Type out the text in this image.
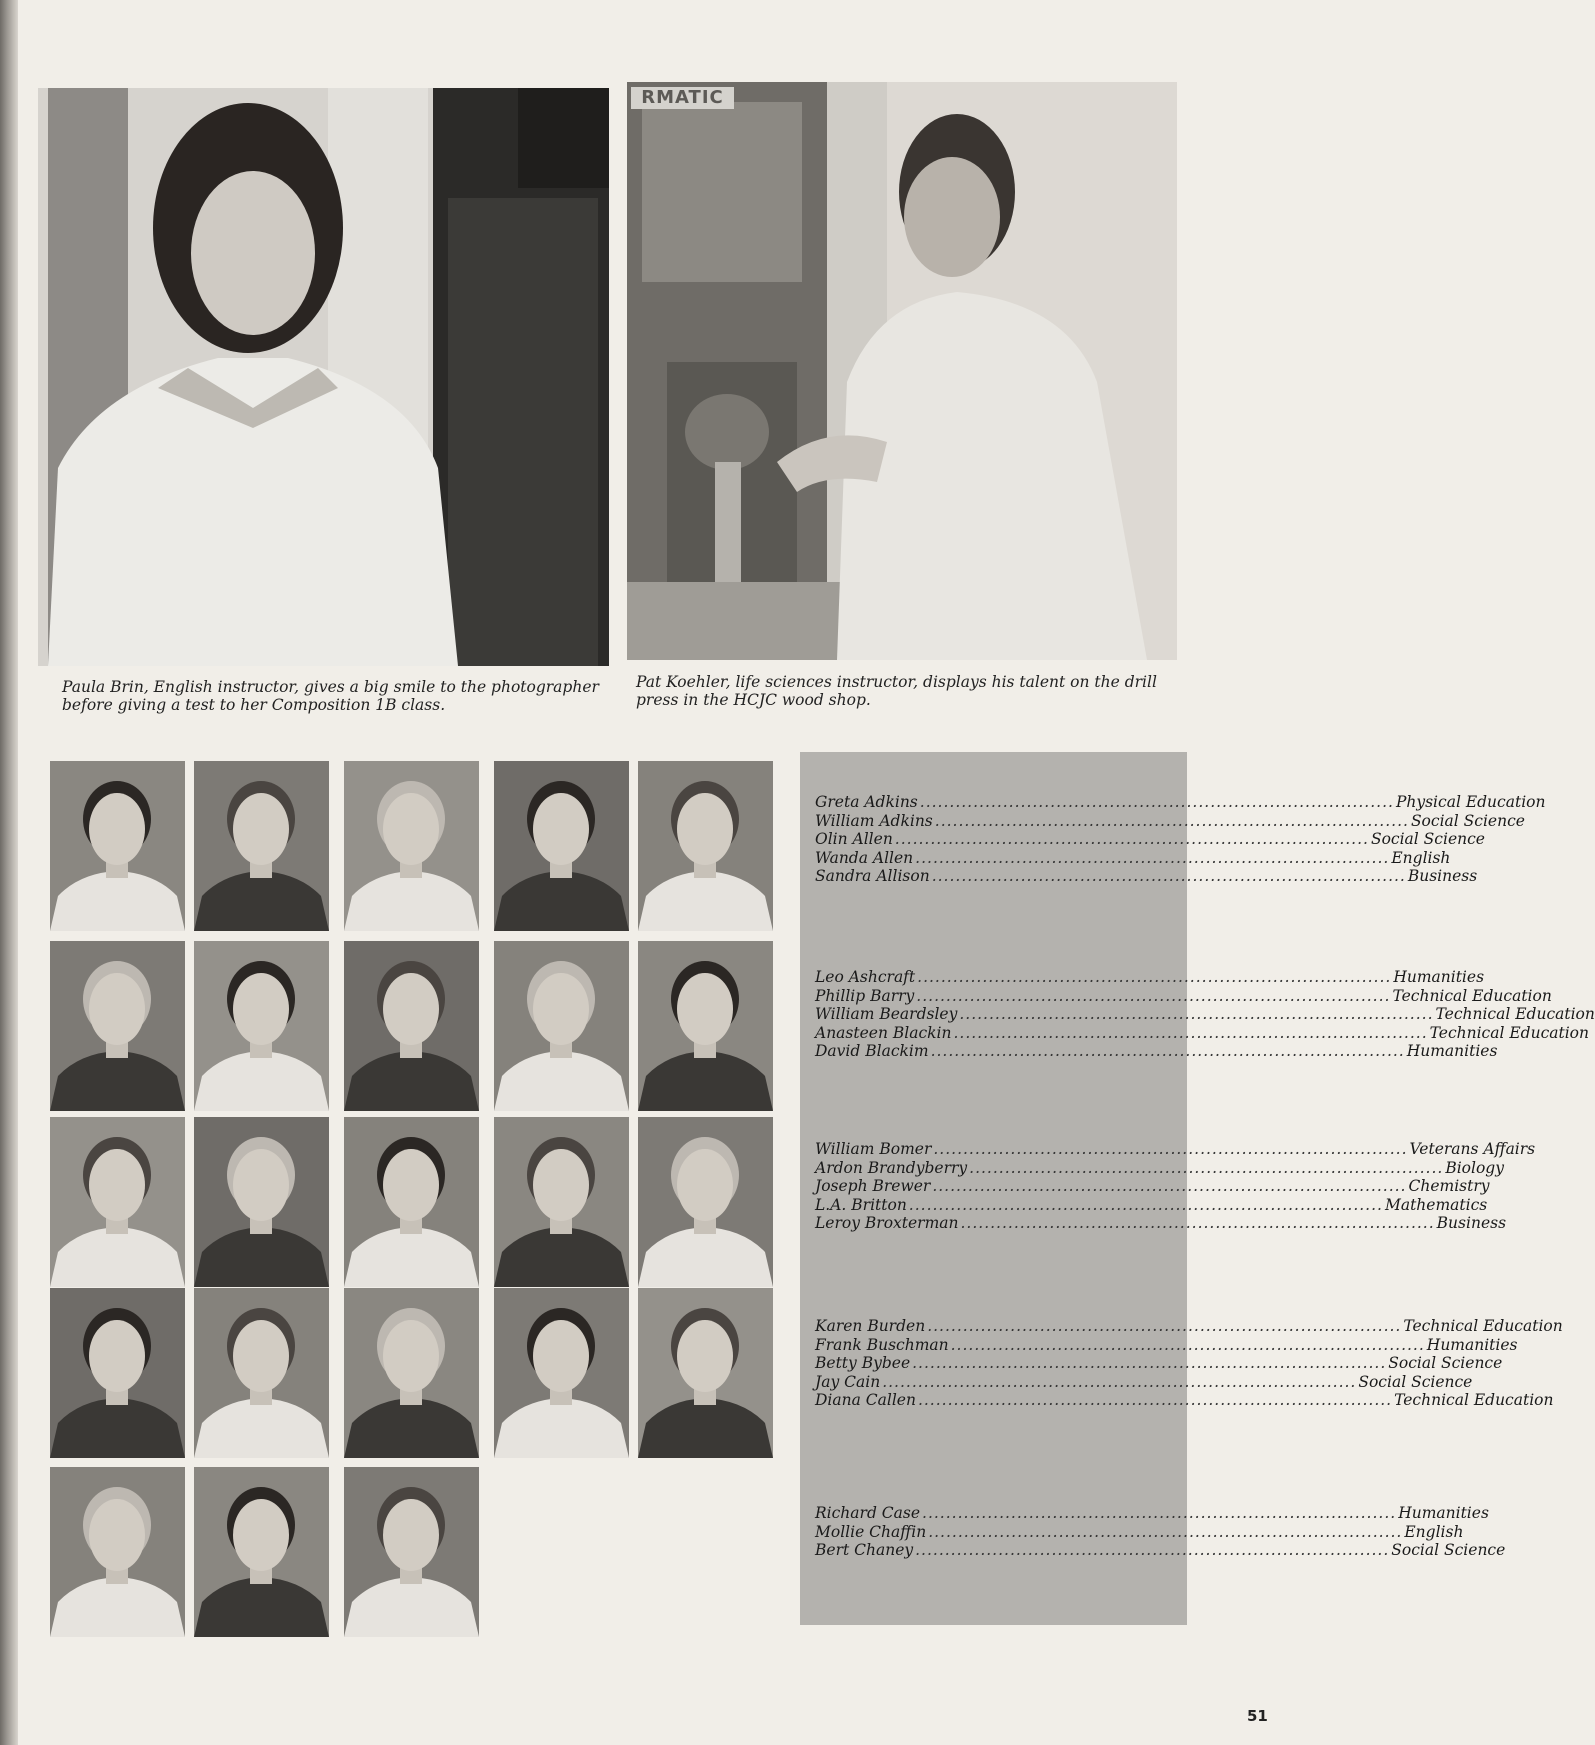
RMATIC

Paula Brin, English instructor, gives a big smile to the photographer before giving a test to her Composition 1B class.

Pat Koehler, life sciences instructor, displays his talent on the drill press in the HCJC wood shop.

Greta Adkins .....	Physical Education
William Adkins .....	Social Science
Olin Allen .....	Social Science
Wanda Allen .....	English
Sandra Allison .....	Business
Leo Ashcraft .....	Humanities
Phillip Barry .....	Technical Education
William Beardsley .....	Technical Education
Anasteen Blackin .....	Technical Education
David Blackim .....	Humanities
William Bomer .....	Veterans Affairs
Ardon Brandyberry .....	Biology
Joseph Brewer .....	Chemistry
L.A. Britton .....	Mathematics
Leroy Broxterman .....	Business
Karen Burden .....	Technical Education
Frank Buschman .....	Humanities
Betty Bybee .....	Social Science
Jay Cain .....	Social Science
Diana Callen .....	Technical Education
Richard Case .....	Humanities
Mollie Chaffin .....	English
Bert Chaney .....	Social Science
51
